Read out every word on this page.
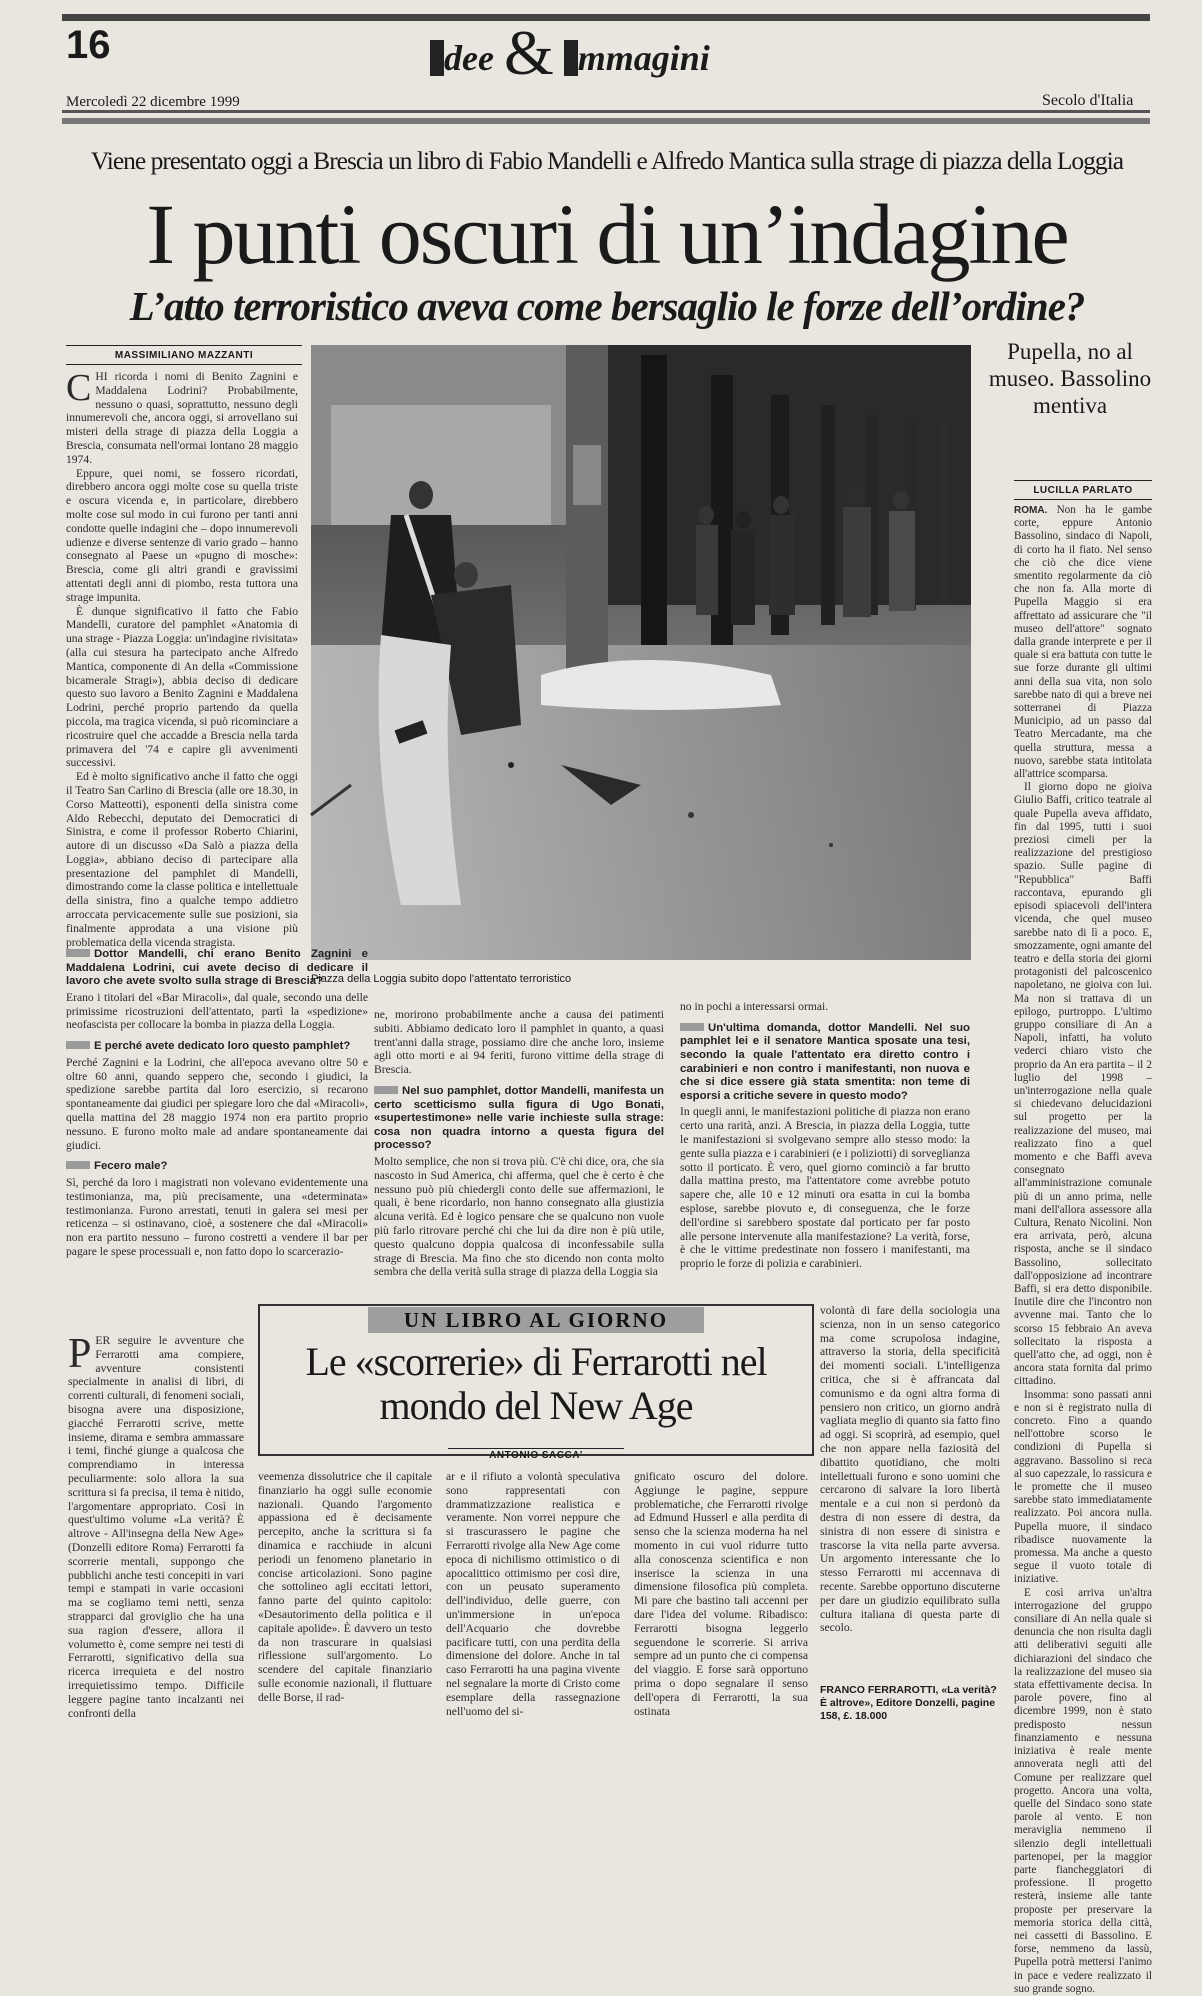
16	dee & mmagini
Mercoledì 22 dicembre 1999	Secolo d'Italia
Viene presentato oggi a Brescia un libro di Fabio Mandelli e Alfredo Mantica sulla strage di piazza della Loggia
I punti oscuri di un’indagine
L’atto terroristico aveva come bersaglio le forze dell’ordine?
MASSIMILIANO MAZZANTI

CHI ricorda i nomi di Benito Zagnini e Maddalena Lodrini? Probabilmente, nessuno o quasi, soprattutto, nessuno degli innumerevoli che, ancora oggi, si arrovellano sui misteri della strage di piazza della Loggia a Brescia, consumata nell'ormai lontano 28 maggio 1974.

Eppure, quei nomi, se fossero ricordati, direbbero ancora oggi molte cose su quella triste e oscura vicenda e, in particolare, direbbero molte cose sul modo in cui furono per tanti anni condotte quelle indagini che – dopo innumerevoli udienze e diverse sentenze di vario grado – hanno consegnato al Paese un «pugno di mosche»: Brescia, come gli altri grandi e gravissimi attentati degli anni di piombo, resta tuttora una strage impunita.

È dunque significativo il fatto che Fabio Mandelli, curatore del pamphlet «Anatomia di una strage - Piazza Loggia: un'indagine rivisitata» (alla cui stesura ha partecipato anche Alfredo Mantica, componente di An della «Commissione bicamerale Stragi»), abbia deciso di dedicare questo suo lavoro a Benito Zagnini e Maddalena Lodrini, perché proprio partendo da quella piccola, ma tragica vicenda, si può ricominciare a ricostruire quel che accadde a Brescia nella tarda primavera del '74 e capire gli avvenimenti successivi.

Ed è molto significativo anche il fatto che oggi il Teatro San Carlino di Brescia (alle ore 18.30, in Corso Matteotti), esponenti della sinistra come Aldo Rebecchi, deputato dei Democratici di Sinistra, e come il professor Roberto Chiarini, autore di un discusso «Da Salò a piazza della Loggia», abbiano deciso di partecipare alla presentazione del pamphlet di Mandelli, dimostrando come la classe politica e intellettuale della sinistra, fino a qualche tempo addietro arroccata pervicacemente sulle sue posizioni, sia finalmente approdata a una visione più problematica della vicenda stragista.

Piazza della Loggia subito dopo l'attentato terroristico
Dottor Mandelli, chi erano Benito Zagnini e Maddalena Lodrini, cui avete deciso di dedicare il lavoro che avete svolto sulla strage di Brescia?

Erano i titolari del «Bar Miracoli», dal quale, secondo una delle primissime ricostruzioni dell'attentato, partì la «spedizione» neofascista per collocare la bomba in piazza della Loggia.

E perché avete dedicato loro questo pamphlet?

Perché Zagnini e la Lodrini, che all'epoca avevano oltre 50 e oltre 60 anni, quando seppero che, secondo i giudici, la spedizione sarebbe partita dal loro esercizio, si recarono spontaneamente dai giudici per spiegare loro che dal «Miracoli», quella mattina del 28 maggio 1974 non era partito proprio nessuno. E furono molto male ad andare spontaneamente dai giudici.

Fecero male?

Sì, perché da loro i magistrati non volevano evidentemente una testimonianza, ma, più precisamente, una «determinata» testimonianza. Furono arrestati, tenuti in galera sei mesi per reticenza – si ostinavano, cioè, a sostenere che dal «Miracoli» non era partito nessuno – furono costretti a vendere il bar per pagare le spese processuali e, non fatto dopo lo scarcerazio-

ne, morirono probabilmente anche a causa dei patimenti subiti. Abbiamo dedicato loro il pamphlet in quanto, a quasi trent'anni dalla strage, possiamo dire che anche loro, insieme agli otto morti e ai 94 feriti, furono vittime della strage di Brescia.

Nel suo pamphlet, dottor Mandelli, manifesta un certo scetticismo sulla figura di Ugo Bonati, «supertestimone» nelle varie inchieste sulla strage: cosa non quadra intorno a questa figura del processo?

Molto semplice, che non si trova più. C'è chi dice, ora, che sia nascosto in Sud America, chi afferma, quel che è certo è che nessuno può più chiedergli conto delle sue affermazioni, le quali, è bene ricordarlo, non hanno consegnato alla giustizia alcuna verità. Ed è logico pensare che se qualcuno non vuole più farlo ritrovare perché chi che lui da dire non è più utile, questo qualcuno doppia qualcosa di inconfessabile sulla strage di Brescia. Ma fino che sto dicendo non conta molto sembra che della verità sulla strage di piazza della Loggia sia

no in pochi a interessarsi ormai.

Un'ultima domanda, dottor Mandelli. Nel suo pamphlet lei e il senatore Mantica sposate una tesi, secondo la quale l'attentato era diretto contro i carabinieri e non contro i manifestanti, non nuova e che si dice essere già stata smentita: non teme di esporsi a critiche severe in questo modo?

In quegli anni, le manifestazioni politiche di piazza non erano certo una rarità, anzi. A Brescia, in piazza della Loggia, tutte le manifestazioni si svolgevano sempre allo stesso modo: la gente sulla piazza e i carabinieri (e i poliziotti) di sorveglianza sotto il porticato. È vero, quel giorno cominciò a far brutto dalla mattina presto, ma l'attentatore come avrebbe potuto sapere che, alle 10 e 12 minuti ora esatta in cui la bomba esplose, sarebbe piovuto e, di conseguenza, che le forze dell'ordine si sarebbero spostate dal porticato per far posto alle persone intervenute alla manifestazione? La verità, forse, è che le vittime predestinate non fossero i manifestanti, ma proprio le forze di polizia e carabinieri.

Pupella, no al museo. Bassolino mentiva
LUCILLA PARLATO

ROMA. Non ha le gambe corte, eppure Antonio Bassolino, sindaco di Napoli, di corto ha il fiato. Nel senso che ciò che dice viene smentito regolarmente da ciò che non fa. Alla morte di Pupella Maggio si era affrettato ad assicurare che "il museo dell'attore" sognato dalla grande interprete e per il quale si era battuta con tutte le sue forze durante gli ultimi anni della sua vita, non solo sarebbe nato di qui a breve nei sotterranei di Piazza Municipio, ad un passo dal Teatro Mercadante, ma che quella struttura, messa a nuovo, sarebbe stata intitolata all'attrice scomparsa.

Il giorno dopo ne gioiva Giulio Baffi, critico teatrale al quale Pupella aveva affidato, fin dal 1995, tutti i suoi preziosi cimeli per la realizzazione del prestigioso spazio. Sulle pagine di "Repubblica" Baffi raccontava, epurando gli episodi spiacevoli dell'intera vicenda, che quel museo sarebbe nato di lì a poco. E, smozzamente, ogni amante del teatro e della storia dei giorni protagonisti del palcoscenico napoletano, ne gioiva con lui. Ma non si trattava di un epilogo, purtroppo. L'ultimo gruppo consiliare di An a Napoli, infatti, ha voluto vederci chiaro visto che proprio da An era partita – il 2 luglio del 1998 – un'interrogazione nella quale si chiedevano delucidazioni sul progetto per la realizzazione del museo, mai realizzato fino a quel momento e che Baffi aveva consegnato all'amministrazione comunale più di un anno prima, nelle mani dell'allora assessore alla Cultura, Renato Nicolini. Non era arrivata, però, alcuna risposta, anche se il sindaco Bassolino, sollecitato dall'opposizione ad incontrare Baffi, si era detto disponibile. Inutile dire che l'incontro non avvenne mai. Tanto che lo scorso 15 febbraio An aveva sollecitato la risposta a quell'atto che, ad oggi, non è ancora stata fornita dal primo cittadino.

Insomma: sono passati anni e non si è registrato nulla di concreto. Fino a quando nell'ottobre scorso le condizioni di Pupella si aggravano. Bassolino si reca al suo capezzale, lo rassicura e le promette che il museo sarebbe stato immediatamente realizzato. Poi ancora nulla. Pupella muore, il sindaco ribadisce nuovamente la promessa. Ma anche a questo segue il vuoto totale di iniziative.

E così arriva un'altra interrogazione del gruppo consiliare di An nella quale si denuncia che non risulta dagli atti deliberativi seguiti alle dichiarazioni del sindaco che la realizzazione del museo sia stata effettivamente decisa. In parole povere, fino al dicembre 1999, non è stato predisposto nessun finanziamento e nessuna iniziativa è reale mente annoverata negli atti del Comune per realizzare quel progetto. Ancora una volta, quelle del Sindaco sono state parole al vento. E non meraviglia nemmeno il silenzio degli intellettuali partenopei, per la maggior parte fiancheggiatori di professione. Il progetto resterà, insieme alle tante proposte per preservare la memoria storica della città, nei cassetti di Bassolino. E forse, nemmeno da lassù, Pupella potrà mettersi l'animo in pace e vedere realizzato il suo grande sogno.

UN LIBRO AL GIORNO
Le «scorrerie» di Ferrarotti nel mondo del New Age
ANTONIO SACCA'

PER seguire le avventure che Ferrarotti ama compiere, avventure consistenti specialmente in analisi di libri, di correnti culturali, di fenomeni sociali, bisogna avere una disposizione, giacché Ferrarotti scrive, mette insieme, dirama e sembra ammassare i temi, finché giunge a qualcosa che comprendiamo in interessa peculiarmente: solo allora la sua scrittura si fa precisa, il tema è nitido, l'argomentare appropriato. Così in quest'ultimo volume «La verità? È altrove - All'insegna della New Age» (Donzelli editore Roma) Ferrarotti fa scorrerie mentali, suppongo che pubblichi anche testi concepiti in vari tempi e stampati in varie occasioni ma se cogliamo temi netti, senza strapparci dal groviglio che ha una sua ragion d'essere, allora il volumetto è, come sempre nei testi di Ferrarotti, significativo della sua ricerca irrequieta e del nostro irrequietissimo tempo. Difficile leggere pagine tanto incalzanti nei confronti della

veemenza dissolutrice che il capitale finanziario ha oggi sulle economie nazionali. Quando l'argomento appassiona ed è decisamente percepito, anche la scrittura si fa dinamica e racchiude in alcuni periodi un fenomeno planetario in concise articolazioni. Sono pagine che sottolineo agli eccitati lettori, fanno parte del quinto capitolo: «Desautorimento della politica e il capitale apolide». È davvero un testo da non trascurare in qualsiasi riflessione sull'argomento. Lo scendere del capitale finanziario sulle economie nazionali, il fluttuare delle Borse, il rad-

ar e il rifiuto a volontà speculativa sono rappresentati con drammatizzazione realistica e veramente. Non vorrei neppure che si trascurassero le pagine che Ferrarotti rivolge alla New Age come epoca di nichilismo ottimistico o di apocalittico ottimismo per così dire, con un peusato superamento dell'individuo, delle guerre, con un'immersione in un'epoca dell'Acquario che dovrebbe pacificare tutti, con una perdita della dimensione del dolore. Anche in tal caso Ferrarotti ha una pagina vivente nel segnalare la morte di Cristo come esemplare della rassegnazione nell'uomo del si-

gnificato oscuro del dolore. Aggiunge le pagine, seppure problematiche, che Ferrarotti rivolge ad Edmund Husserl e alla perdita di senso che la scienza moderna ha nel momento in cui vuol ridurre tutto alla conoscenza scientifica e non inserisce la scienza in una dimensione filosofica più completa. Mi pare che bastino tali accenni per dare l'idea del volume. Ribadisco: Ferrarotti bisogna leggerlo seguendone le scorrerie. Si arriva sempre ad un punto che ci compensa del viaggio. E forse sarà opportuno prima o dopo segnalare il senso dell'opera di Ferrarotti, la sua ostinata

volontà di fare della sociologia una scienza, non in un senso categorico ma come scrupolosa indagine, attraverso la storia, della specificità dei momenti sociali. L'intelligenza critica, che si è affrancata dal comunismo e da ogni altra forma di pensiero non critico, un giorno andrà vagliata meglio di quanto sia fatto fino ad oggi. Si scoprirà, ad esempio, quel che non appare nella faziosità del dibattito quotidiano, che molti intellettuali furono e sono uomini che cercarono di salvare la loro libertà mentale e a cui non si perdonò da destra di non essere di destra, da sinistra di non essere di sinistra e trascorse la vita nella parte avversa. Un argomento interessante che lo stesso Ferrarotti mi accennava di recente. Sarebbe opportuno discuterne per dare un giudizio equilibrato sulla cultura italiana di questa parte di secolo.

FRANCO FERRAROTTI, «La verità? È altrove», Editore Donzelli, pagine 158, £. 18.000
